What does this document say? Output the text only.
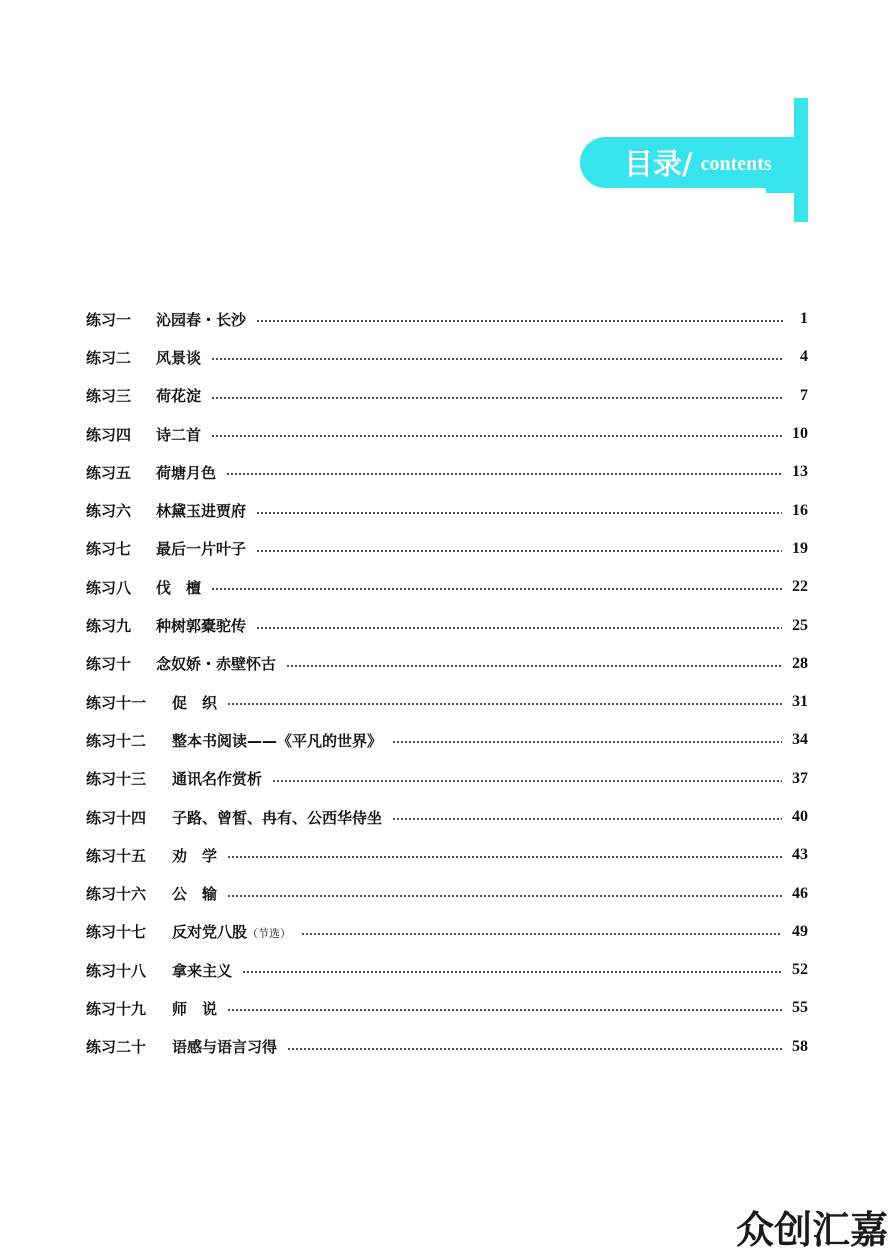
目录/ contents
练习一	沁园春・长沙	1
练习二	风景谈	4
练习三	荷花淀	7
练习四	诗二首	10
练习五	荷塘月色	13
练习六	林黛玉进贾府	16
练习七	最后一片叶子	19
练习八	伐　檀	22
练习九	种树郭橐驼传	25
练习十	念奴娇・赤壁怀古	28
练习十一	促　织	31
练习十二	整本书阅读——《平凡的世界》	34
练习十三	通讯名作赏析	37
练习十四	子路、曾皙、冉有、公西华侍坐	40
练习十五	劝　学	43
练习十六	公　输	46
练习十七	反对党八股（节选）	49
练习十八	拿来主义	52
练习十九	师　说	55
练习二十	语感与语言习得	58
众创汇嘉
